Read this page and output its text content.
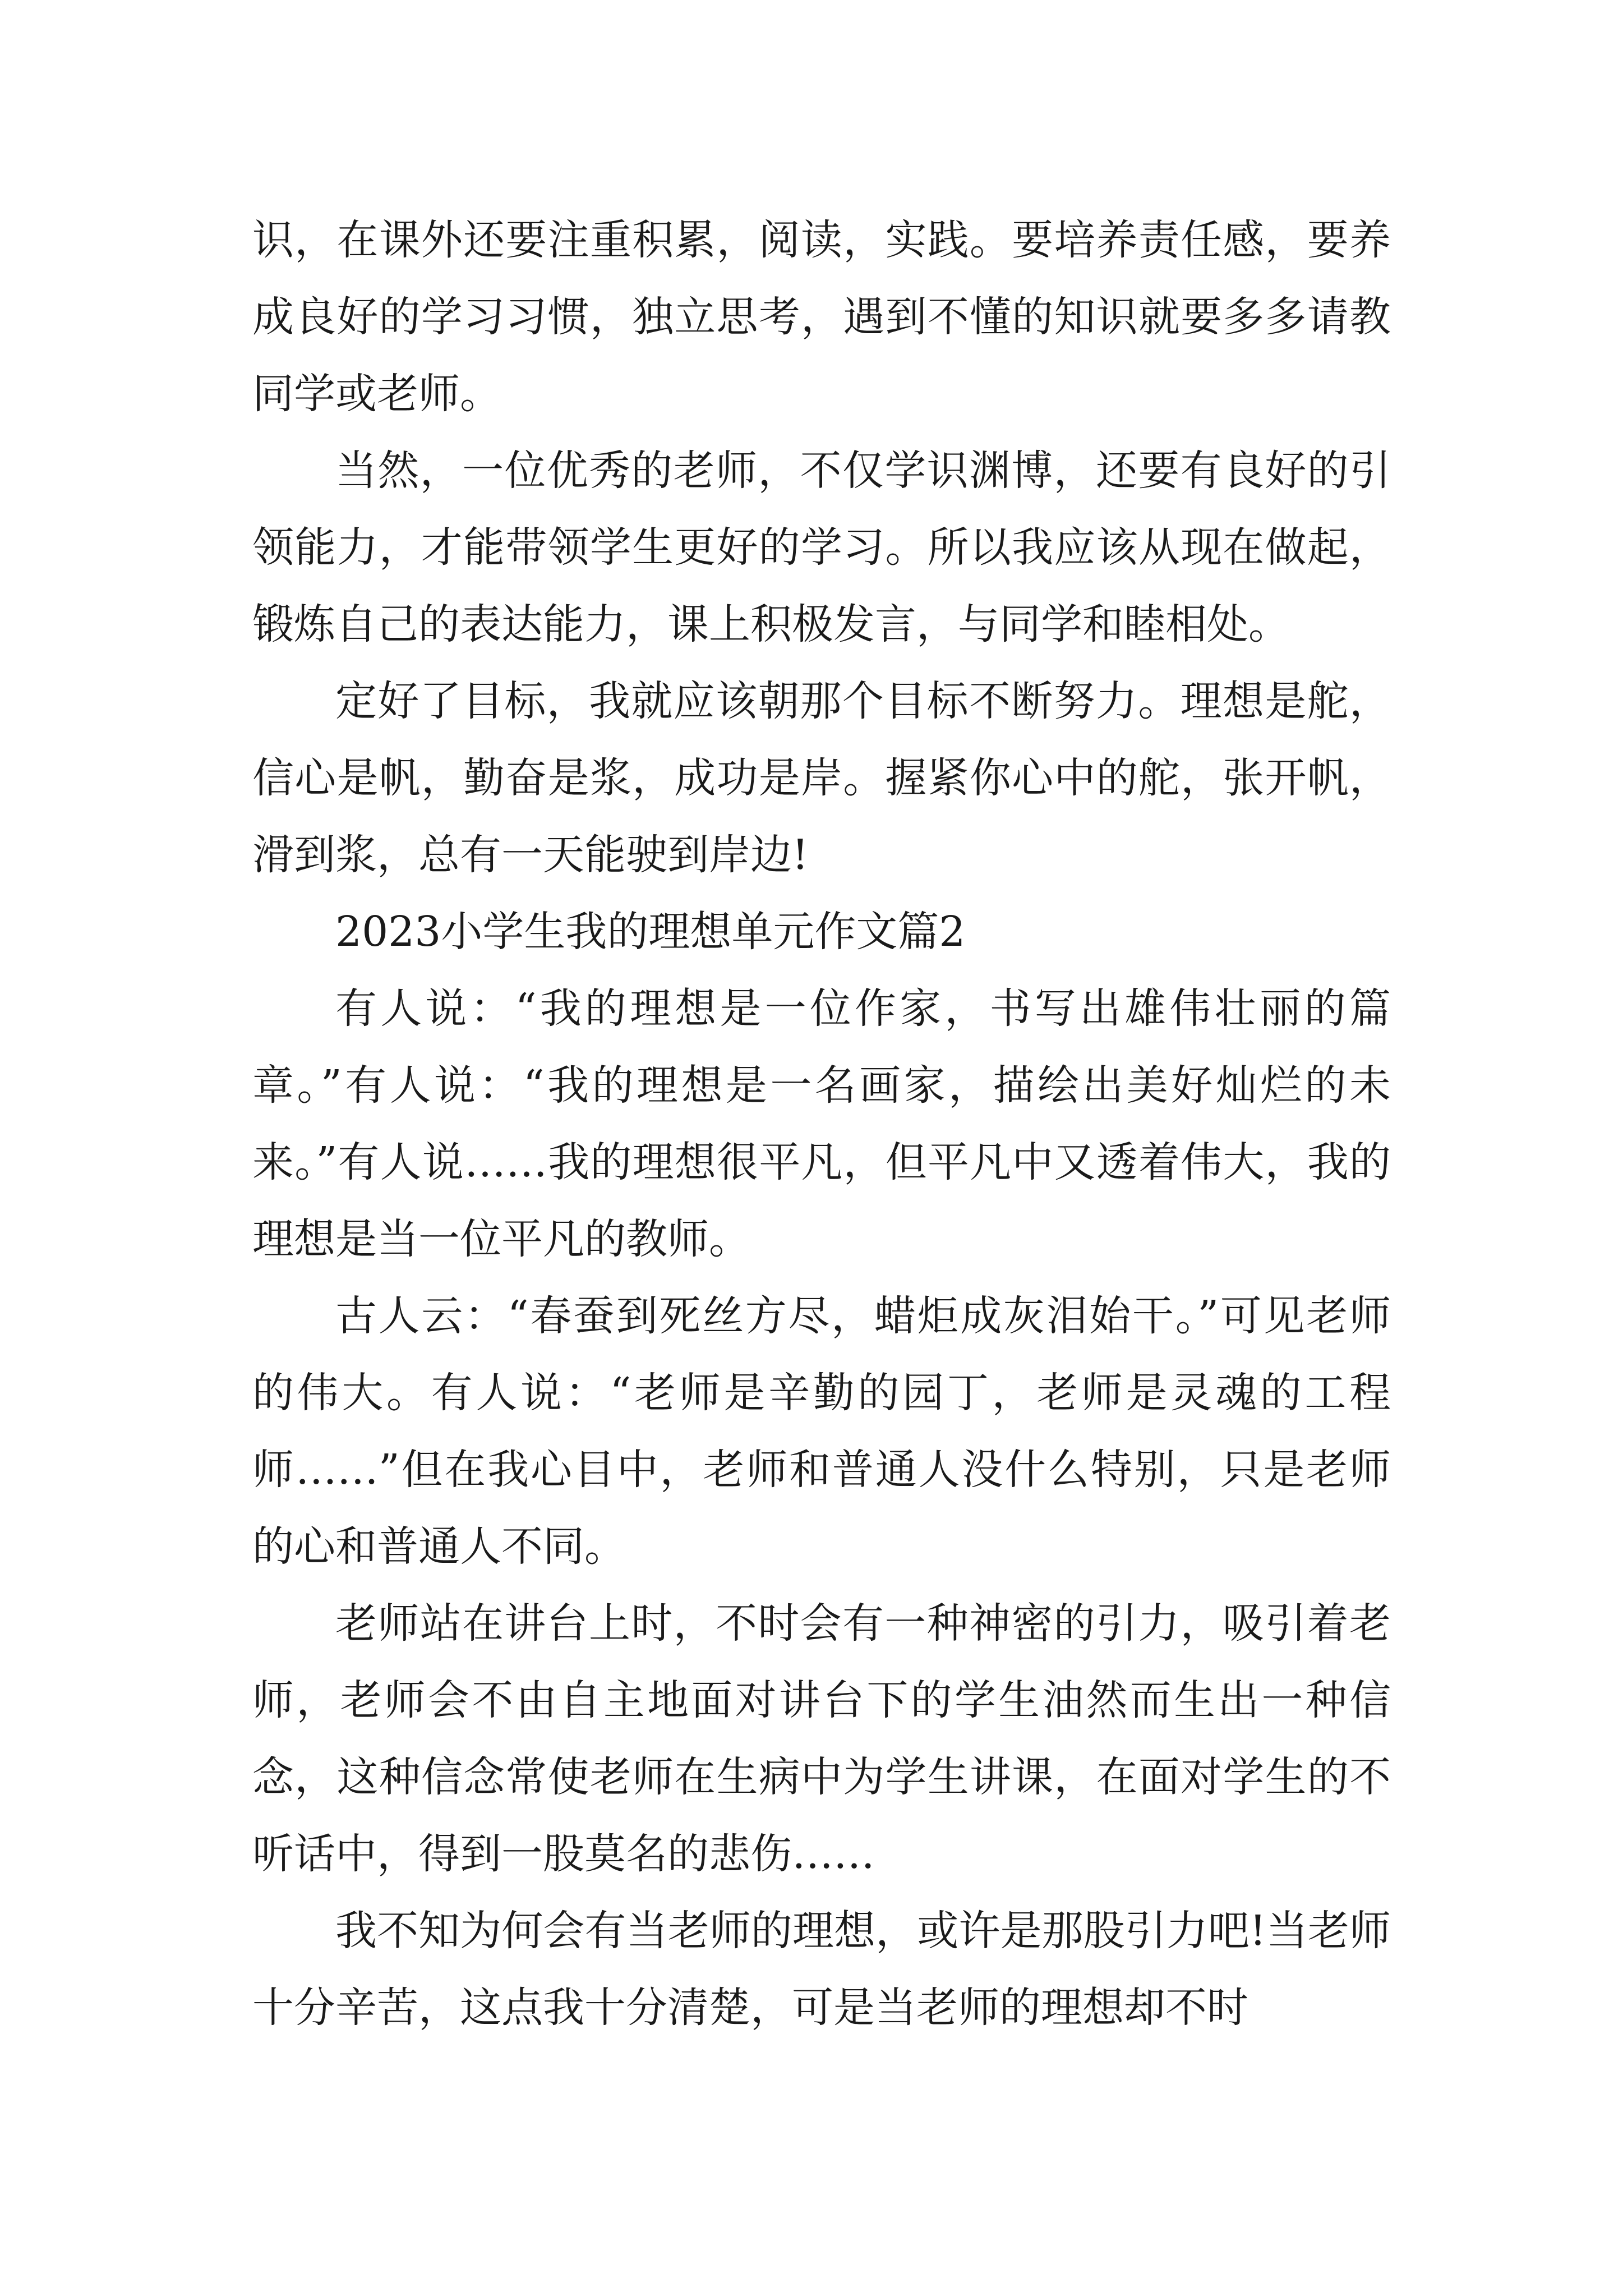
识，在课外还要注重积累，阅读，实践。要培养责任感，要养成良好的学习习惯，独立思考，遇到不懂的知识就要多多请教同学或老师。

当然，一位优秀的老师，不仅学识渊博，还要有良好的引领能力，才能带领学生更好的学习。所以我应该从现在做起，锻炼自己的表达能力，课上积极发言，与同学和睦相处。

定好了目标，我就应该朝那个目标不断努力。理想是舵，信心是帆，勤奋是浆，成功是岸。握紧你心中的舵，张开帆，滑到浆，总有一天能驶到岸边!

2023小学生我的理想单元作文篇2

有人说：“我的理想是一位作家，书写出雄伟壮丽的篇章。”有人说：“我的理想是一名画家，描绘出美好灿烂的未来。”有人说……我的理想很平凡，但平凡中又透着伟大，我的理想是当一位平凡的教师。

古人云：“春蚕到死丝方尽，蜡炬成灰泪始干。”可见老师的伟大。有人说：“老师是辛勤的园丁，老师是灵魂的工程师……”但在我心目中，老师和普通人没什么特别，只是老师的心和普通人不同。

老师站在讲台上时，不时会有一种神密的引力，吸引着老师，老师会不由自主地面对讲台下的学生油然而生出一种信念，这种信念常使老师在生病中为学生讲课，在面对学生的不听话中，得到一股莫名的悲伤……

我不知为何会有当老师的理想，或许是那股引力吧!当老师十分辛苦，这点我十分清楚，可是当老师的理想却不时
